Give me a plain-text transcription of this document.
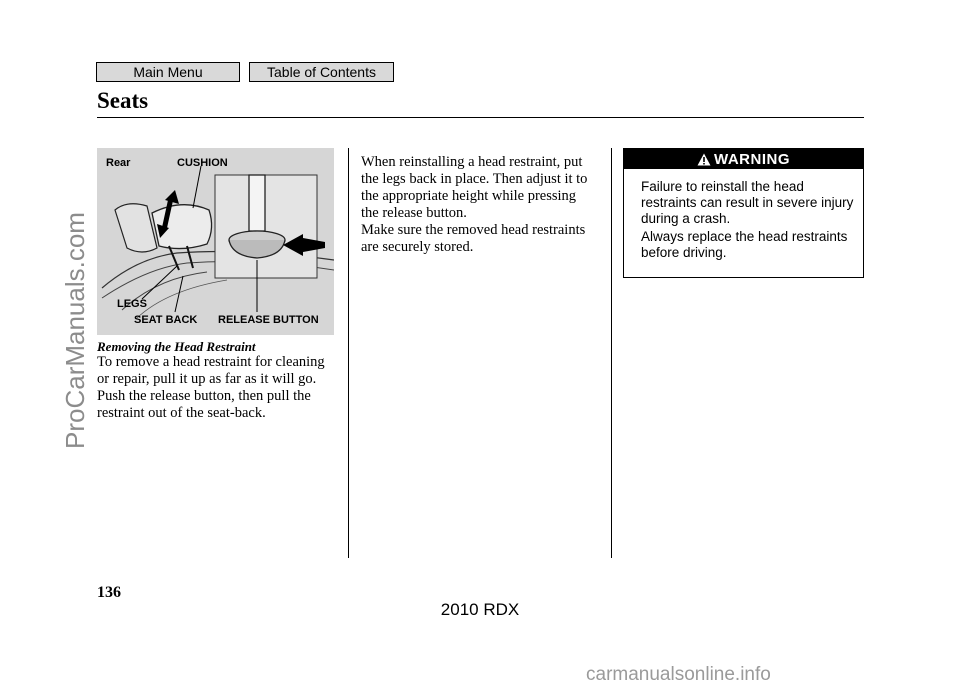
Main Menu	Table of Contents
Seats
Rear	CUSHION
LEGS
SEAT BACK RELEASE BUTTON
Removing the Head Restraint

To remove a head restraint for cleaning or repair, pull it up as far as it will go. Push the release button, then pull the restraint out of the seat-back.

When reinstalling a head restraint, put the legs back in place. Then adjust it to the appropriate height while pressing the release button.

Make sure the removed head restraints are securely stored.

WARNING

Failure to reinstall the head restraints can result in severe injury during a crash.

Always replace the head restraints before driving.

136
2010 RDX
ProCarManuals.com
carmanualsonline.info
